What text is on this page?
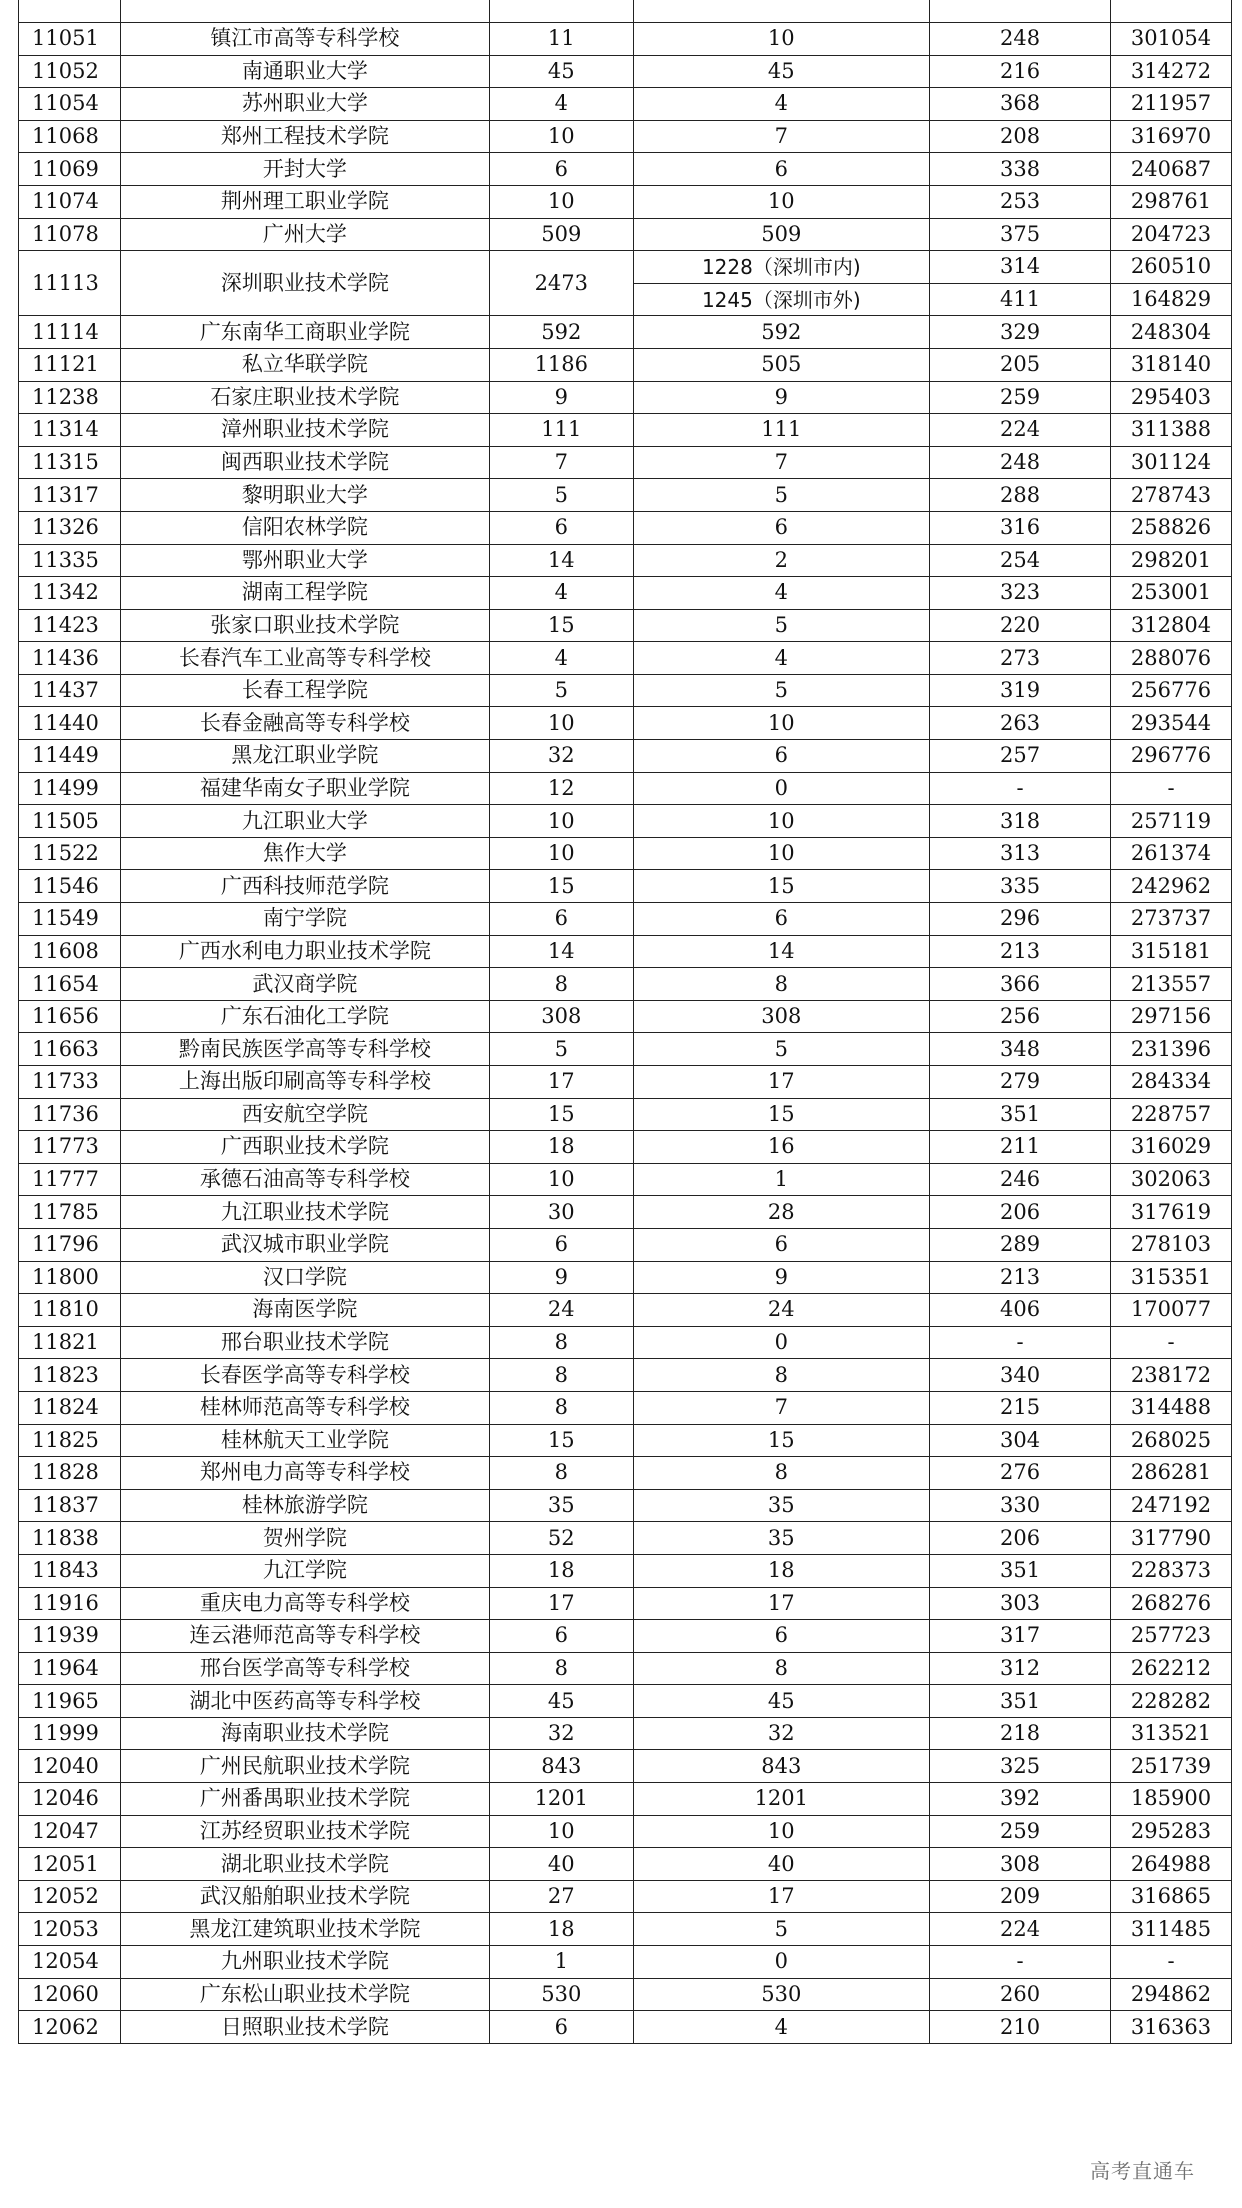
11051	镇江市高等专科学校	11	10	248	301054
11052	南通职业大学	45	45	216	314272
11054	苏州职业大学	4	4	368	211957
11068	郑州工程技术学院	10	7	208	316970
11069	开封大学	6	6	338	240687
11074	荆州理工职业学院	10	10	253	298761
11078	广州大学	509	509	375	204723
11113	深圳职业技术学院	2473	1228（深圳市内)	314	260510
			1245（深圳市外)	411	164829
11114	广东南华工商职业学院	592	592	329	248304
11121	私立华联学院	1186	505	205	318140
11238	石家庄职业技术学院	9	9	259	295403
11314	漳州职业技术学院	111	111	224	311388
11315	闽西职业技术学院	7	7	248	301124
11317	黎明职业大学	5	5	288	278743
11326	信阳农林学院	6	6	316	258826
11335	鄂州职业大学	14	2	254	298201
11342	湖南工程学院	4	4	323	253001
11423	张家口职业技术学院	15	5	220	312804
11436	长春汽车工业高等专科学校	4	4	273	288076
11437	长春工程学院	5	5	319	256776
11440	长春金融高等专科学校	10	10	263	293544
11449	黑龙江职业学院	32	6	257	296776
11499	福建华南女子职业学院	12	0	-	-
11505	九江职业大学	10	10	318	257119
11522	焦作大学	10	10	313	261374
11546	广西科技师范学院	15	15	335	242962
11549	南宁学院	6	6	296	273737
11608	广西水利电力职业技术学院	14	14	213	315181
11654	武汉商学院	8	8	366	213557
11656	广东石油化工学院	308	308	256	297156
11663	黔南民族医学高等专科学校	5	5	348	231396
11733	上海出版印刷高等专科学校	17	17	279	284334
11736	西安航空学院	15	15	351	228757
11773	广西职业技术学院	18	16	211	316029
11777	承德石油高等专科学校	10	1	246	302063
11785	九江职业技术学院	30	28	206	317619
11796	武汉城市职业学院	6	6	289	278103
11800	汉口学院	9	9	213	315351
11810	海南医学院	24	24	406	170077
11821	邢台职业技术学院	8	0	-	-
11823	长春医学高等专科学校	8	8	340	238172
11824	桂林师范高等专科学校	8	7	215	314488
11825	桂林航天工业学院	15	15	304	268025
11828	郑州电力高等专科学校	8	8	276	286281
11837	桂林旅游学院	35	35	330	247192
11838	贺州学院	52	35	206	317790
11843	九江学院	18	18	351	228373
11916	重庆电力高等专科学校	17	17	303	268276
11939	连云港师范高等专科学校	6	6	317	257723
11964	邢台医学高等专科学校	8	8	312	262212
11965	湖北中医药高等专科学校	45	45	351	228282
11999	海南职业技术学院	32	32	218	313521
12040	广州民航职业技术学院	843	843	325	251739
12046	广州番禺职业技术学院	1201	1201	392	185900
12047	江苏经贸职业技术学院	10	10	259	295283
12051	湖北职业技术学院	40	40	308	264988
12052	武汉船舶职业技术学院	27	17	209	316865
12053	黑龙江建筑职业技术学院	18	5	224	311485
12054	九州职业技术学院	1	0	-	-
12060	广东松山职业技术学院	530	530	260	294862
12062	日照职业技术学院	6	4	210	316363
高考直通车
